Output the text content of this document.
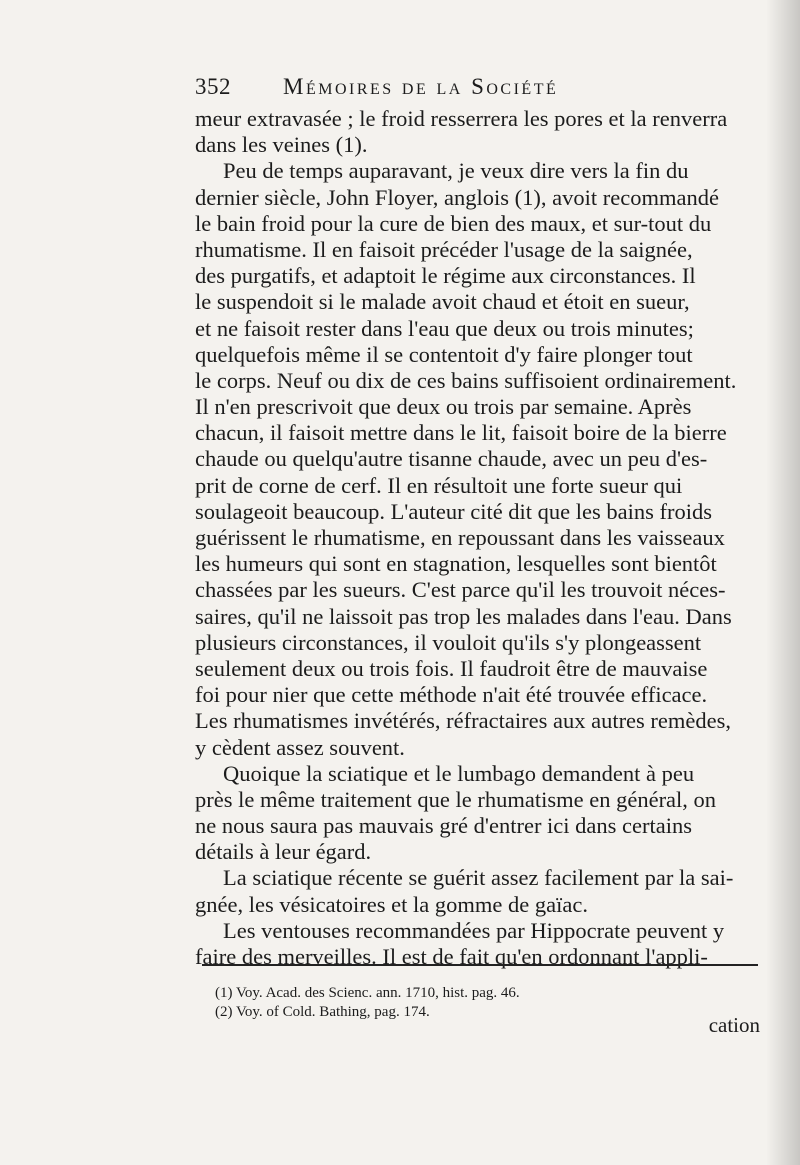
352 Mémoires de la Société
meur extravasée ; le froid resserrera les pores et la renverra
dans les veines (1).
Peu de temps auparavant, je veux dire vers la fin du
dernier siècle, John Floyer, anglois (1), avoit recommandé
le bain froid pour la cure de bien des maux, et sur-tout du
rhumatisme. Il en faisoit précéder l'usage de la saignée,
des purgatifs, et adaptoit le régime aux circonstances. Il
le suspendoit si le malade avoit chaud et étoit en sueur,
et ne faisoit rester dans l'eau que deux ou trois minutes;
quelquefois même il se contentoit d'y faire plonger tout
le corps. Neuf ou dix de ces bains suffisoient ordinairement.
Il n'en prescrivoit que deux ou trois par semaine. Après
chacun, il faisoit mettre dans le lit, faisoit boire de la bierre
chaude ou quelqu'autre tisanne chaude, avec un peu d'es-
prit de corne de cerf. Il en résultoit une forte sueur qui
soulageoit beaucoup. L'auteur cité dit que les bains froids
guérissent le rhumatisme, en repoussant dans les vaisseaux
les humeurs qui sont en stagnation, lesquelles sont bientôt
chassées par les sueurs. C'est parce qu'il les trouvoit néces-
saires, qu'il ne laissoit pas trop les malades dans l'eau. Dans
plusieurs circonstances, il vouloit qu'ils s'y plongeassent
seulement deux ou trois fois. Il faudroit être de mauvaise
foi pour nier que cette méthode n'ait été trouvée efficace.
Les rhumatismes invétérés, réfractaires aux autres remèdes,
y cèdent assez souvent.
Quoique la sciatique et le lumbago demandent à peu
près le même traitement que le rhumatisme en général, on
ne nous saura pas mauvais gré d'entrer ici dans certains
détails à leur égard.
La sciatique récente se guérit assez facilement par la sai-
gnée, les vésicatoires et la gomme de gaïac.
Les ventouses recommandées par Hippocrate peuvent y
faire des merveilles. Il est de fait qu'en ordonnant l'appli-
(1) Voy. Acad. des Scienc. ann. 1710, hist. pag. 46.
(2) Voy. of Cold. Bathing, pag. 174.
cation
